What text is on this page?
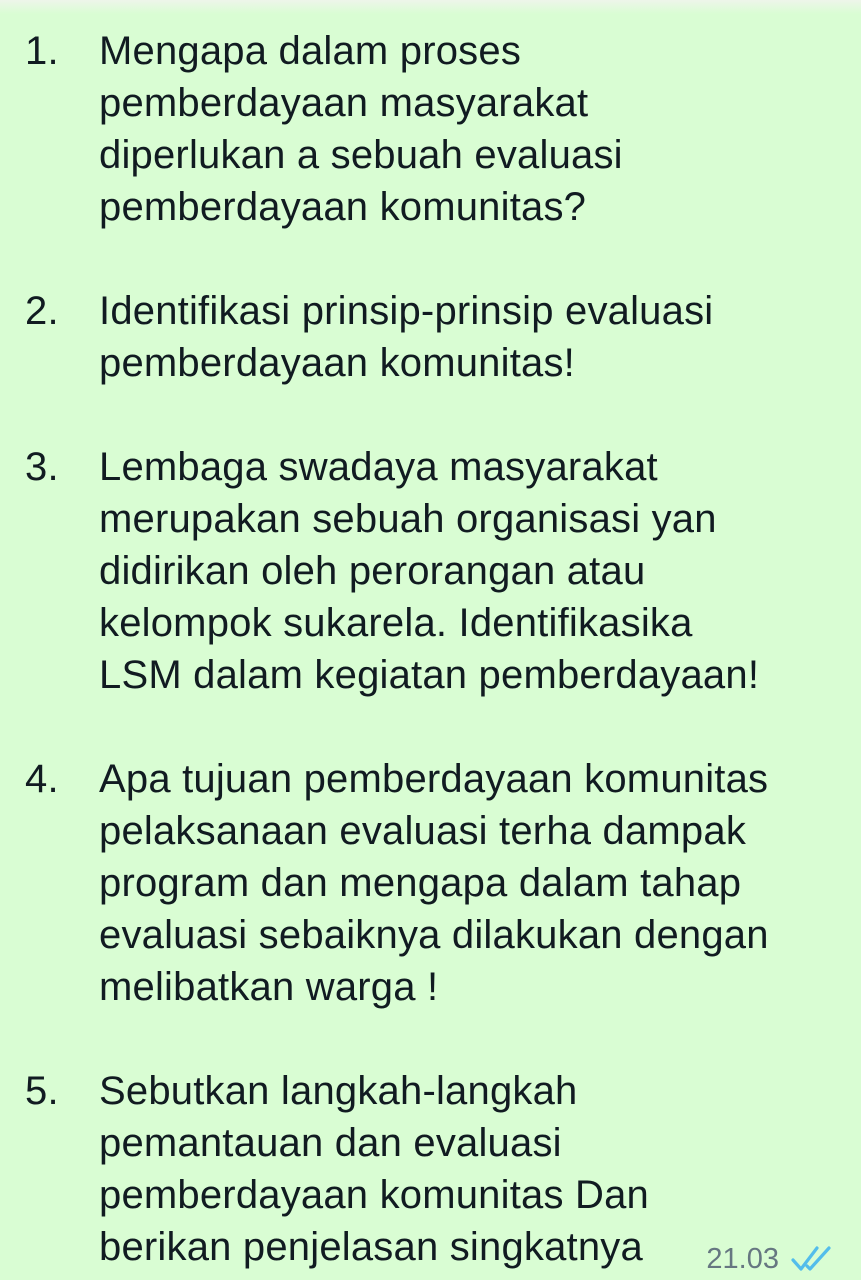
1.	Mengapa dalam proses
pemberdayaan masyarakat
diperlukan a sebuah evaluasi
pemberdayaan komunitas?
2.	Identifikasi prinsip-prinsip evaluasi
pemberdayaan komunitas!
3.	Lembaga swadaya masyarakat
merupakan sebuah organisasi yan
didirikan oleh perorangan atau
kelompok sukarela. Identifikasika
LSM dalam kegiatan pemberdayaan!
4.	Apa tujuan pemberdayaan komunitas
pelaksanaan evaluasi terha dampak
program dan mengapa dalam tahap
evaluasi sebaiknya dilakukan dengan
melibatkan warga !
5.	Sebutkan langkah-langkah
pemantauan dan evaluasi
pemberdayaan komunitas Dan
berikan penjelasan singkatnya	21.03
